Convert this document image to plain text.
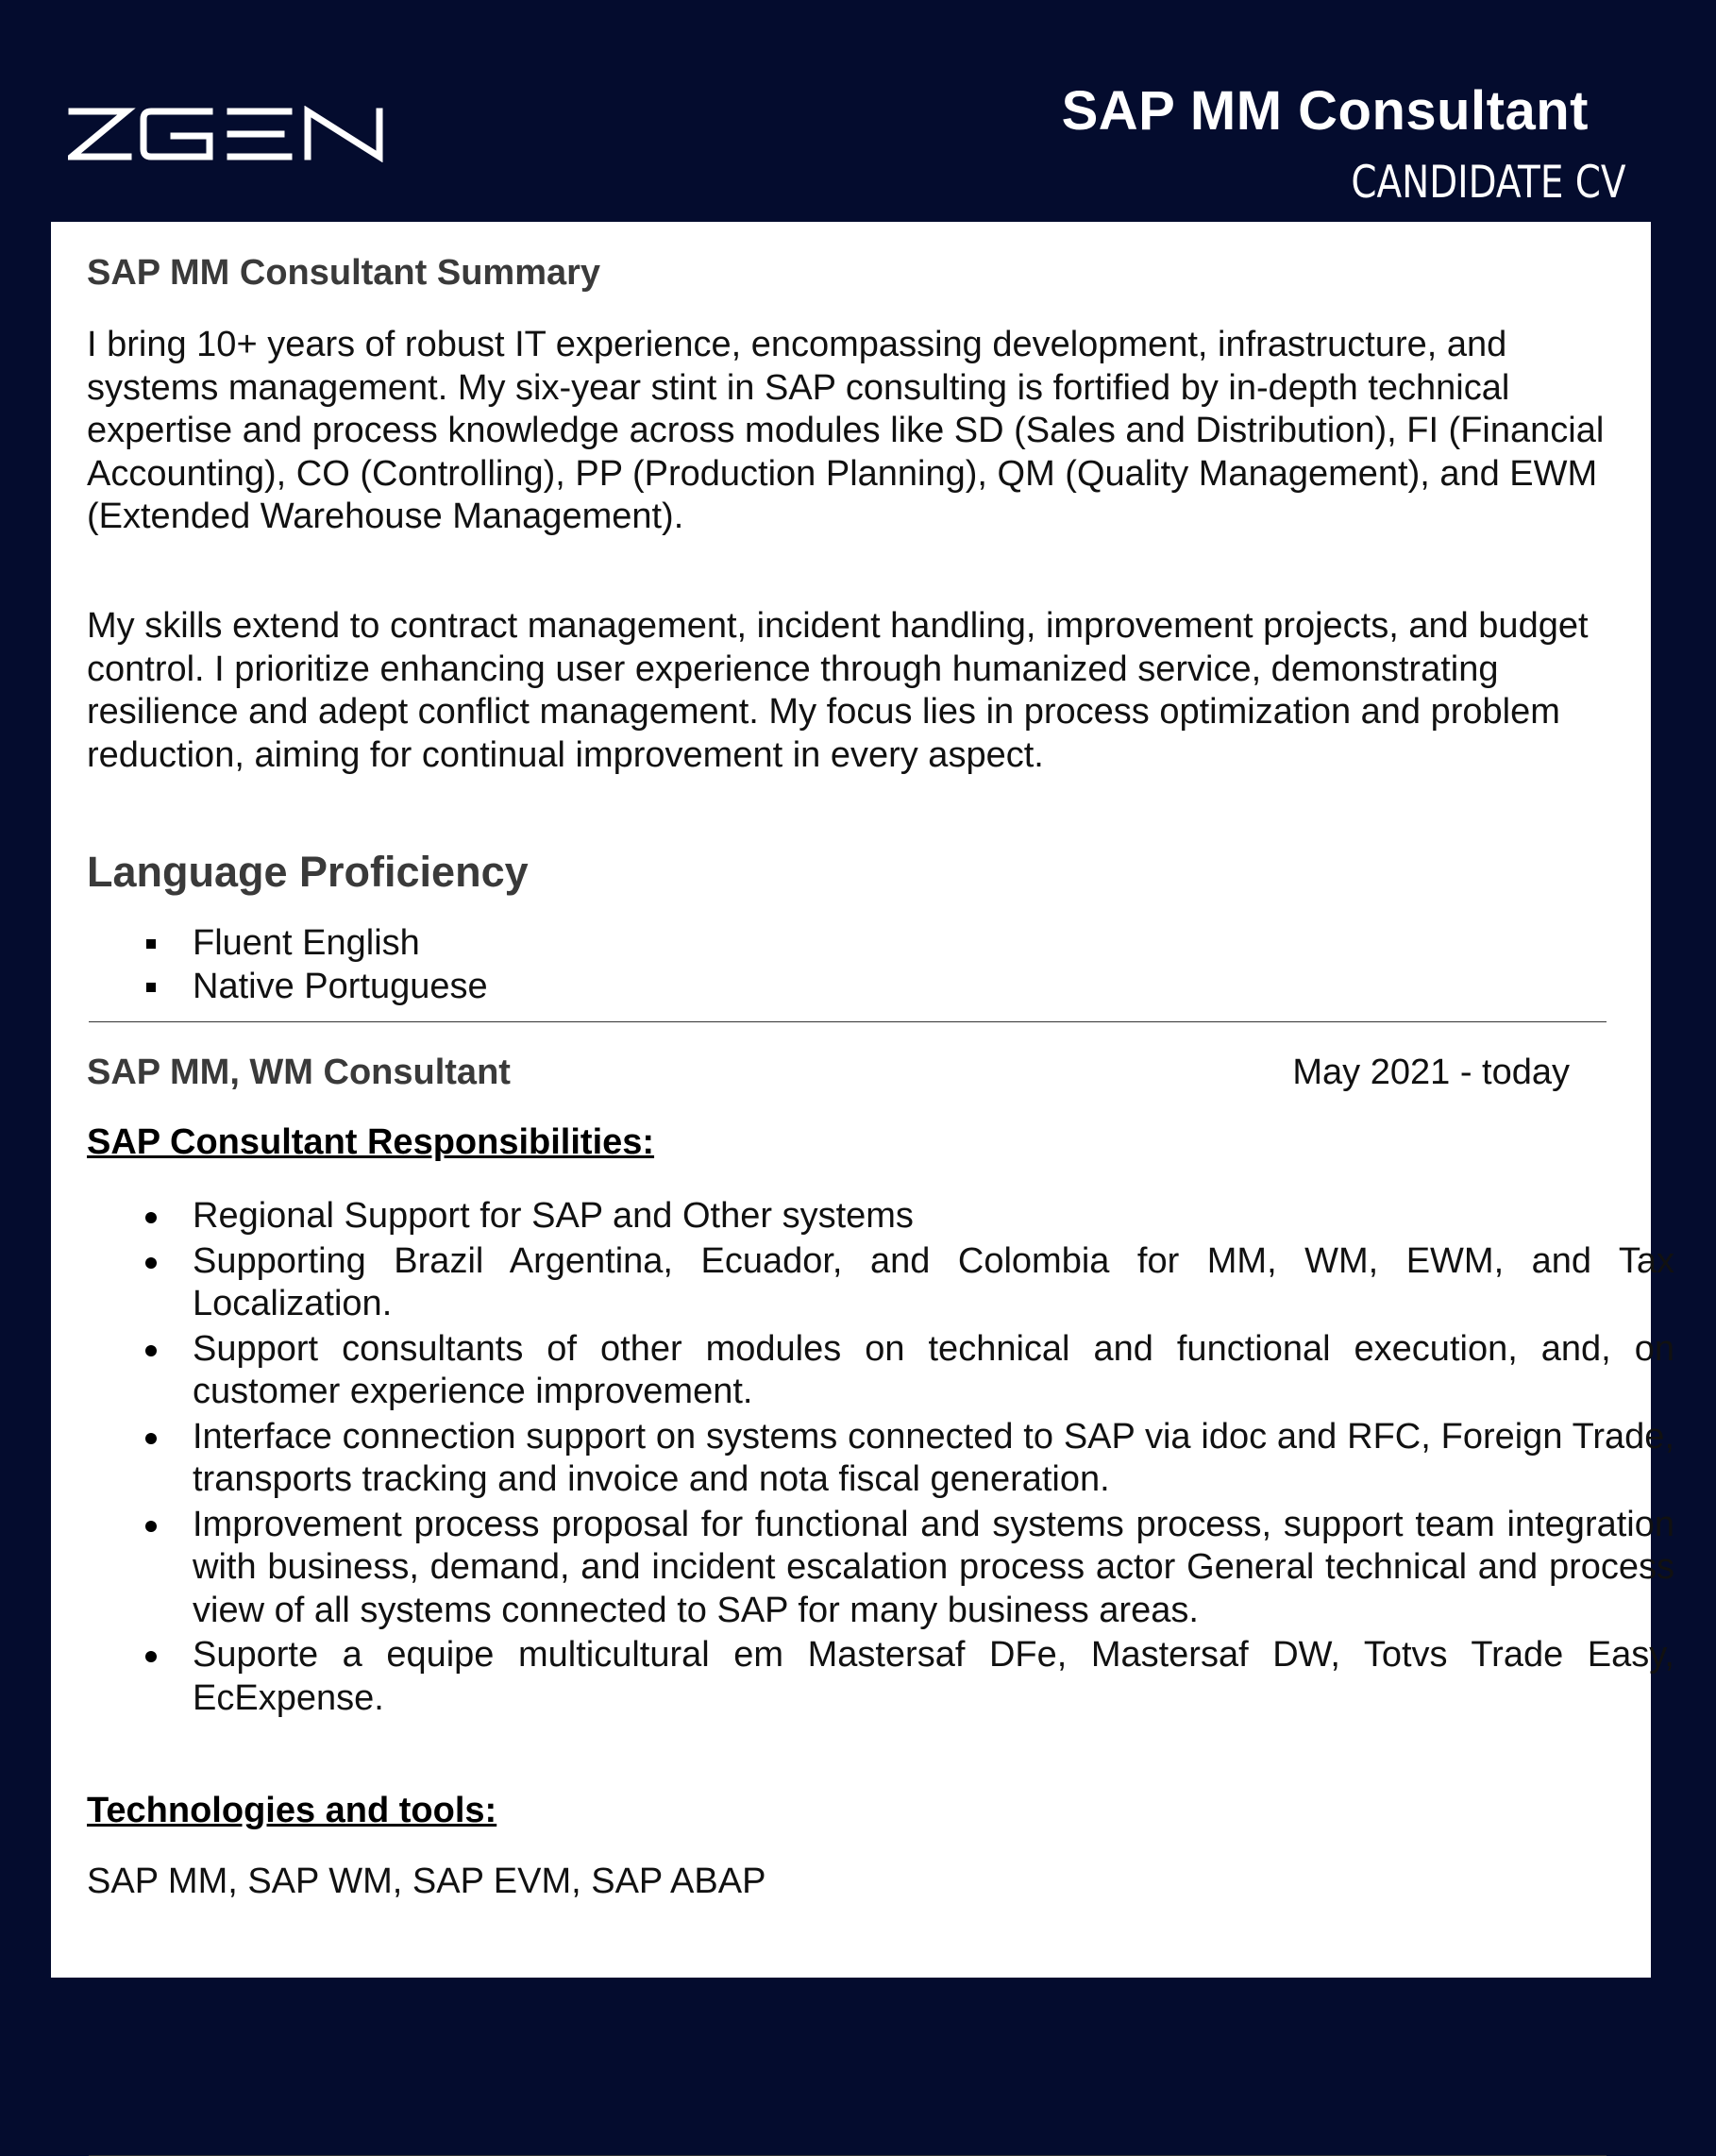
SAP MM Consultant
CANDIDATE CV
SAP MM Consultant Summary

I bring 10+ years of robust IT experience, encompassing development, infrastructure, and systems management. My six-year stint in SAP consulting is fortified by in-depth technical expertise and process knowledge across modules like SD (Sales and Distribution), FI (Financial Accounting), CO (Controlling), PP (Production Planning), QM (Quality Management), and EWM (Extended Warehouse Management).

My skills extend to contract management, incident handling, improvement projects, and budget control. I prioritize enhancing user experience through humanized service, demonstrating resilience and adept conflict management. My focus lies in process optimization and problem reduction, aiming for continual improvement in every aspect.

Language Proficiency
Fluent English
Native Portuguese
SAP MM, WM Consultant	May 2021 - today
SAP Consultant Responsibilities:
Regional Support for SAP and Other systems
Supporting Brazil Argentina, Ecuador, and Colombia for MM, WM, EWM, and Tax Localization.
Support consultants of other modules on technical and functional execution, and, on customer experience improvement.
Interface connection support on systems connected to SAP via idoc and RFC, Foreign Trade, transports tracking and invoice and nota fiscal generation.
Improvement process proposal for functional and systems process, support team integration with business, demand, and incident escalation process actor General technical and process view of all systems connected to SAP for many business areas.
Suporte a equipe multicultural em Mastersaf DFe, Mastersaf DW, Totvs Trade Easy, EcExpense.
Technologies and tools:

SAP MM, SAP WM, SAP EVM, SAP ABAP
